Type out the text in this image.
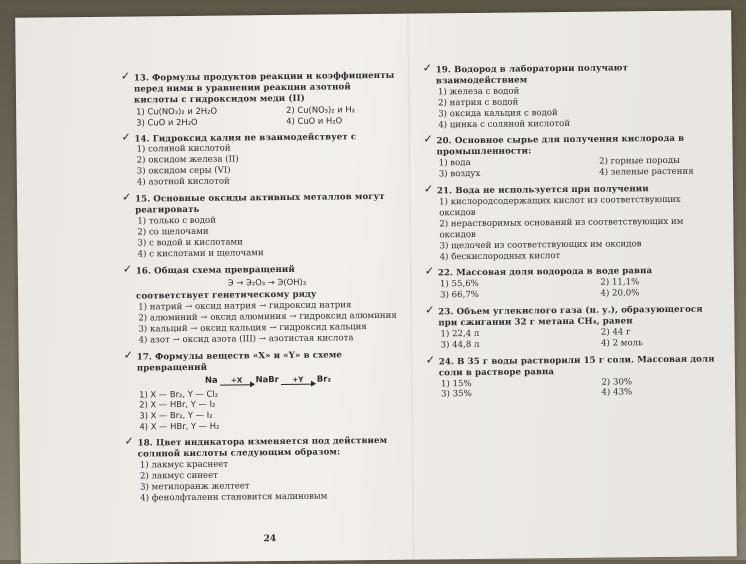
✓ 13. Формулы продуктов реакции и коэффициенты перед ними в уравнении реакции азотной кислоты с гидроксидом меди (II)
1) Cu(NO₃)₂ и 2H₂O	2) Cu(NO₃)₂ и H₂
3) CuO и 2H₂O	4) CuO и H₂O
✓ 14. Гидроксид калия не взаимодействует с
1) соляной кислотой
2) оксидом железа (II)
3) оксидом серы (VI)
4) азотной кислотой
✓ 15. Основные оксиды активных металлов могут реагировать
1) только с водой
2) со щелочами
3) с водой и кислотами
4) с кислотами и щелочами
✓ 16. Общая схема превращений
Э → Э₂O₃ → Э(OH)₃
соответствует генетическому ряду
1) натрий → оксид натрия → гидроксид натрия
2) алюминий → оксид алюминия → гидроксид алюминия
3) кальций → оксид кальция → гидроксид кальция
4) азот → оксид азота (III) → азотистая кислота
✓ 17. Формулы веществ «X» и «Y» в схеме превращений
Na +X NaBr +Y Br₂
1) X — Br₂, Y — Cl₂
2) X — HBr, Y — I₂
3) X — Br₂, Y — I₂
4) X — HBr, Y — H₂
✓ 18. Цвет индикатора изменяется под действием соляной кислоты следующим образом:
1) лакмус краснеет
2) лакмус синеет
3) метилоранж желтеет
4) фенолфталеин становится малиновым
24
✓ 19. Водород в лаборатории получают взаимодействием
1) железа с водой
2) натрия с водой
3) оксида кальция с водой
4) цинка с соляной кислотой
✓ 20. Основное сырье для получения кислорода в промышленности:
1) вода	2) горные породы
3) воздух	4) зеленые растения
✓ 21. Вода не используется при получении
1) кислородсодержащих кислот из соответствующих оксидов
2) нерастворимых оснований из соответствующих им оксидов
3) щелочей из соответствующих им оксидов
4) бескислородных кислот
✓ 22. Массовая доля водорода в воде равна
1) 55,6%	2) 11,1%
3) 66,7%	4) 20,0%
✓ 23. Объем углекислого газа (н. у.), образующегося при сжигании 32 г метана CH₄, равен
1) 22,4 л	2) 44 г
3) 44,8 л	4) 2 моль
✓ 24. В 35 г воды растворили 15 г соли. Массовая доля соли в растворе равна
1) 15%	2) 30%
3) 35%	4) 43%
